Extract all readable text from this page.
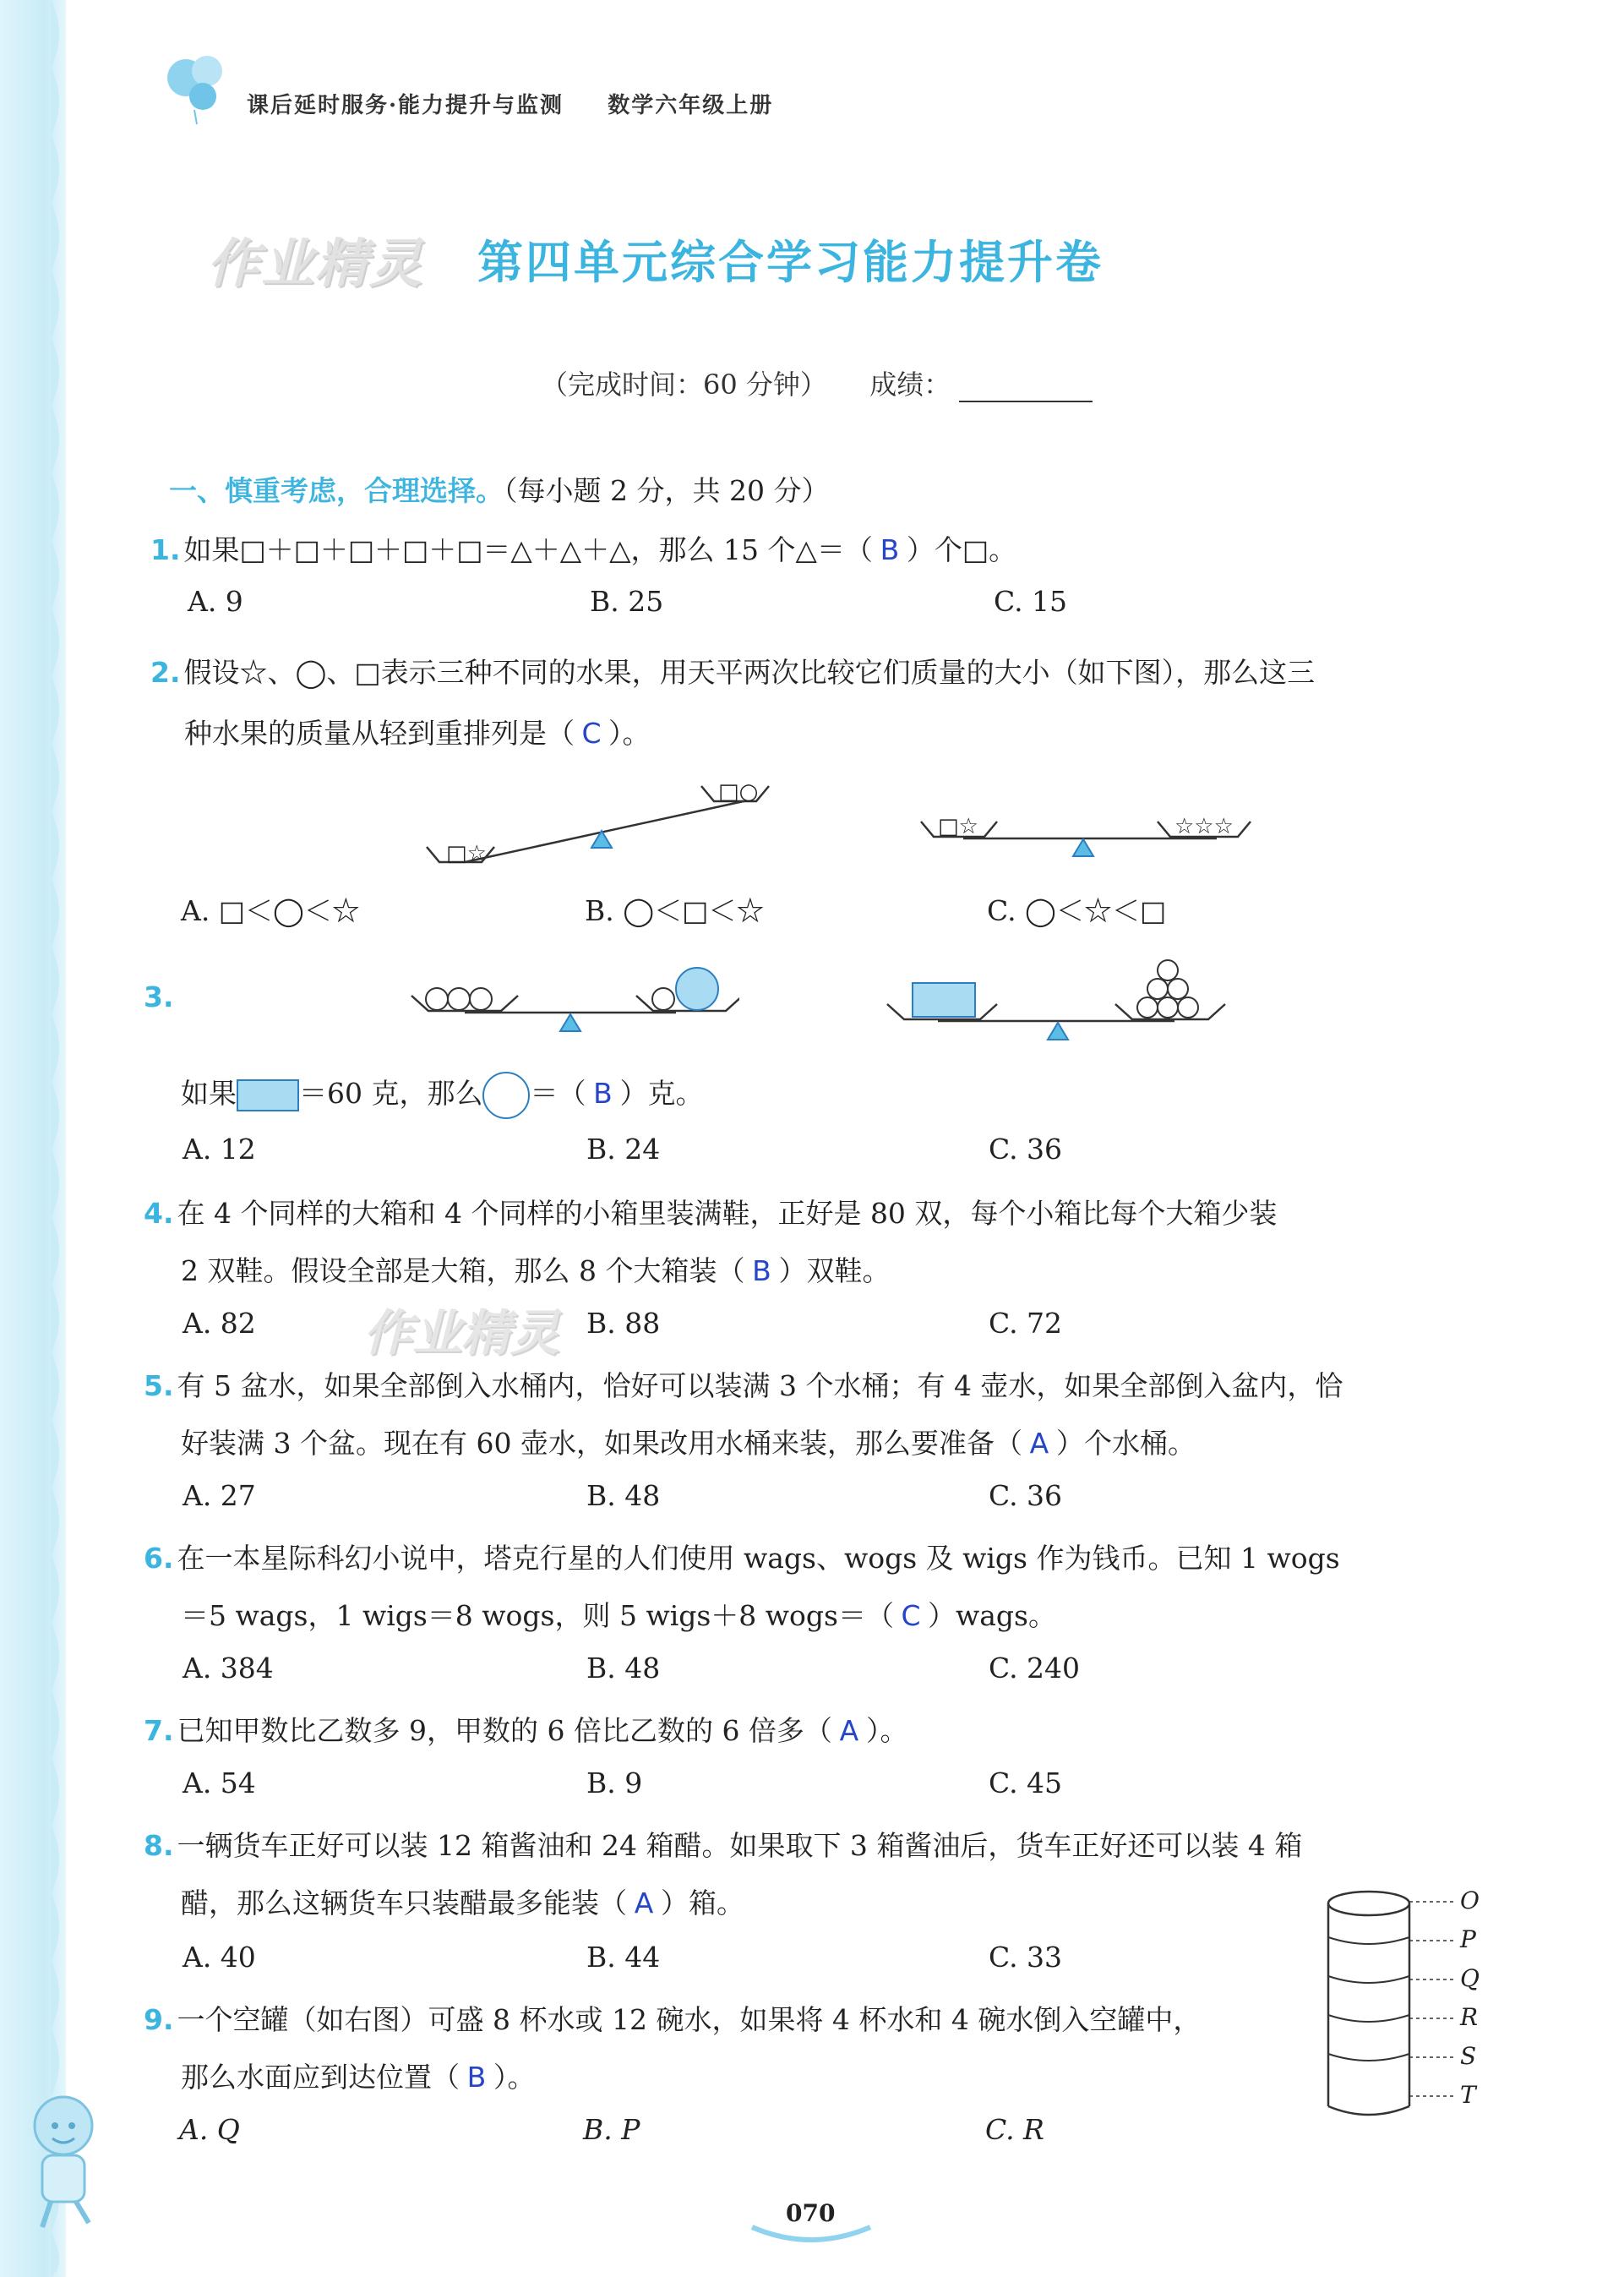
课后延时服务·能力提升与监测 数学六年级上册
作业精灵 第四单元综合学习能力提升卷
（完成时间：60 分钟） 成绩：
一、慎重考虑，合理选择。（每小题 2 分，共 20 分）
1. 如果□＋□＋□＋□＋□＝△＋△＋△，那么 15 个△＝（ B ）个□。
A. 9	B. 25	C. 15
2. 假设☆、◯、□表示三种不同的水果，用天平两次比较它们质量的大小（如下图），那么这三
种水果的质量从轻到重排列是（ C ）。
□☆
□○
□☆	☆☆☆
A. □＜◯＜☆	B. ◯＜□＜☆	C. ◯＜☆＜□
3.
如果 ＝60 克，那么 ＝（ B ）克。
A. 12	B. 24	C. 36
4. 在 4 个同样的大箱和 4 个同样的小箱里装满鞋，正好是 80 双，每个小箱比每个大箱少装
2 双鞋。假设全部是大箱，那么 8 个大箱装（ B ）双鞋。
作业精灵
A. 82	B. 88	C. 72
5. 有 5 盆水，如果全部倒入水桶内，恰好可以装满 3 个水桶；有 4 壶水，如果全部倒入盆内，恰
好装满 3 个盆。现在有 60 壶水，如果改用水桶来装，那么要准备（ A ）个水桶。
A. 27	B. 48	C. 36
6. 在一本星际科幻小说中，塔克行星的人们使用 wags、wogs 及 wigs 作为钱币。已知 1 wogs
＝5 wags，1 wigs＝8 wogs，则 5 wigs＋8 wogs＝（ C ）wags。
A. 384	B. 48	C. 240
7. 已知甲数比乙数多 9，甲数的 6 倍比乙数的 6 倍多（ A ）。
A. 54	B. 9	C. 45
8. 一辆货车正好可以装 12 箱酱油和 24 箱醋。如果取下 3 箱酱油后，货车正好还可以装 4 箱
醋，那么这辆货车只装醋最多能装（ A ）箱。
A. 40	B. 44	C. 33
O
P
Q
R
S
T
9. 一个空罐（如右图）可盛 8 杯水或 12 碗水，如果将 4 杯水和 4 碗水倒入空罐中，
那么水面应到达位置（ B ）。
A. Q	B. P	C. R
070
